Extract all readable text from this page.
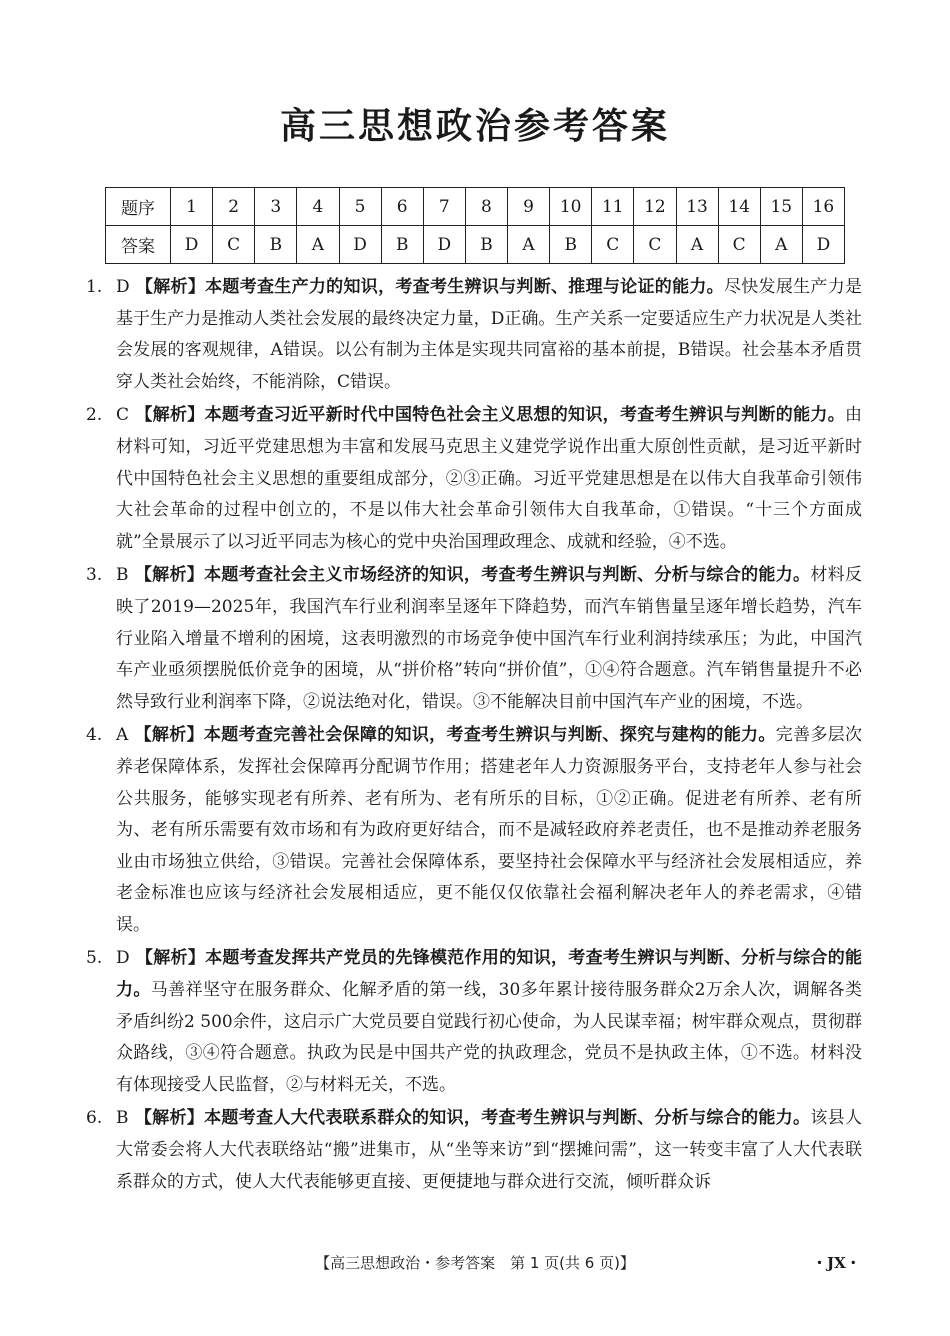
高三思想政治参考答案
题序	1	2	3	4	5	6	7	8	9	10	11	12	13	14	15	16
答案	D	C	B	A	D	B	D	B	A	B	C	C	A	C	A	D
1. D 【解析】本题考查生产力的知识，考查考生辨识与判断、推理与论证的能力。尽快发展生产力是基于生产力是推动人类社会发展的最终决定力量，D正确。生产关系一定要适应生产力状况是人类社会发展的客观规律，A错误。以公有制为主体是实现共同富裕的基本前提，B错误。社会基本矛盾贯穿人类社会始终，不能消除，C错误。
2. C 【解析】本题考查习近平新时代中国特色社会主义思想的知识，考查考生辨识与判断的能力。由材料可知，习近平党建思想为丰富和发展马克思主义建党学说作出重大原创性贡献，是习近平新时代中国特色社会主义思想的重要组成部分，②③正确。习近平党建思想是在以伟大自我革命引领伟大社会革命的过程中创立的，不是以伟大社会革命引领伟大自我革命，①错误。“十三个方面成就”全景展示了以习近平同志为核心的党中央治国理政理念、成就和经验，④不选。
3. B 【解析】本题考查社会主义市场经济的知识，考查考生辨识与判断、分析与综合的能力。材料反映了2019—2025年，我国汽车行业利润率呈逐年下降趋势，而汽车销售量呈逐年增长趋势，汽车行业陷入增量不增利的困境，这表明激烈的市场竞争使中国汽车行业利润持续承压；为此，中国汽车产业亟须摆脱低价竞争的困境，从“拼价格”转向“拼价值”，①④符合题意。汽车销售量提升不必然导致行业利润率下降，②说法绝对化，错误。③不能解决目前中国汽车产业的困境，不选。
4. A 【解析】本题考查完善社会保障的知识，考查考生辨识与判断、探究与建构的能力。完善多层次养老保障体系，发挥社会保障再分配调节作用；搭建老年人力资源服务平台，支持老年人参与社会公共服务，能够实现老有所养、老有所为、老有所乐的目标，①②正确。促进老有所养、老有所为、老有所乐需要有效市场和有为政府更好结合，而不是减轻政府养老责任，也不是推动养老服务业由市场独立供给，③错误。完善社会保障体系，要坚持社会保障水平与经济社会发展相适应，养老金标准也应该与经济社会发展相适应，更不能仅仅依靠社会福利解决老年人的养老需求，④错误。
5. D 【解析】本题考查发挥共产党员的先锋模范作用的知识，考查考生辨识与判断、分析与综合的能力。马善祥坚守在服务群众、化解矛盾的第一线，30多年累计接待服务群众2万余人次，调解各类矛盾纠纷2 500余件，这启示广大党员要自觉践行初心使命，为人民谋幸福；树牢群众观点，贯彻群众路线，③④符合题意。执政为民是中国共产党的执政理念，党员不是执政主体，①不选。材料没有体现接受人民监督，②与材料无关，不选。
6. B 【解析】本题考查人大代表联系群众的知识，考查考生辨识与判断、分析与综合的能力。该县人大常委会将人大代表联络站“搬”进集市，从“坐等来访”到“摆摊问需”，这一转变丰富了人大代表联系群众的方式，使人大代表能够更直接、更便捷地与群众进行交流，倾听群众诉
【高三思想政治・参考答案　第 1 页(共 6 页)】	・JX・
